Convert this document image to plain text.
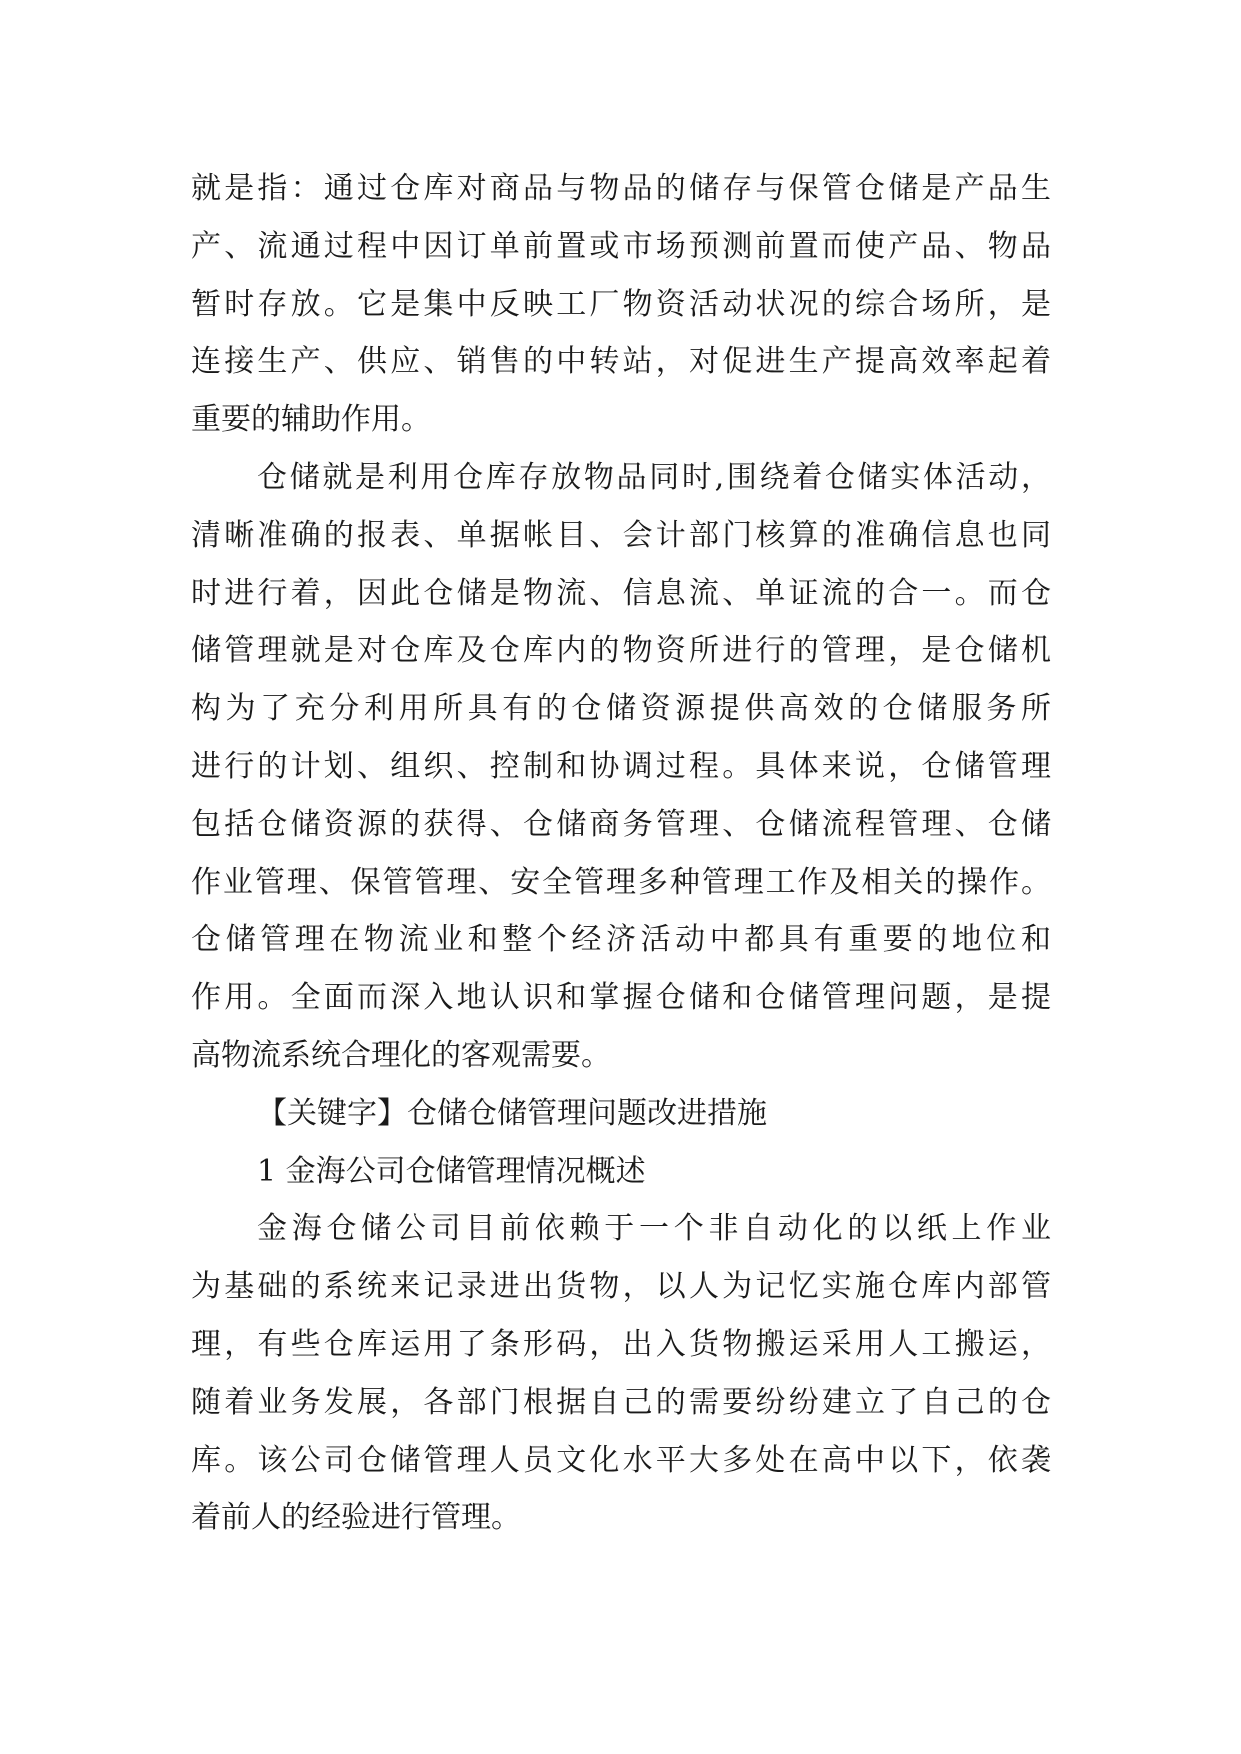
就是指：通过仓库对商品与物品的储存与保管仓储是产品生
产、流通过程中因订单前置或市场预测前置而使产品、物品
暂时存放。它是集中反映工厂物资活动状况的综合场所，是
连接生产、供应、销售的中转站，对促进生产提高效率起着
重要的辅助作用。
仓储就是利用仓库存放物品同时,围绕着仓储实体活动，
清晰准确的报表、单据帐目、会计部门核算的准确信息也同
时进行着，因此仓储是物流、信息流、单证流的合一。而仓
储管理就是对仓库及仓库内的物资所进行的管理，是仓储机
构为了充分利用所具有的仓储资源提供高效的仓储服务所
进行的计划、组织、控制和协调过程。具体来说，仓储管理
包括仓储资源的获得、仓储商务管理、仓储流程管理、仓储
作业管理、保管管理、安全管理多种管理工作及相关的操作。
仓储管理在物流业和整个经济活动中都具有重要的地位和
作用。全面而深入地认识和掌握仓储和仓储管理问题，是提
高物流系统合理化的客观需要。
【关键字】仓储仓储管理问题改进措施
1 金海公司仓储管理情况概述
金海仓储公司目前依赖于一个非自动化的以纸上作业
为基础的系统来记录进出货物，以人为记忆实施仓库内部管
理，有些仓库运用了条形码，出入货物搬运采用人工搬运，
随着业务发展，各部门根据自己的需要纷纷建立了自己的仓
库。该公司仓储管理人员文化水平大多处在高中以下，依袭
着前人的经验进行管理。
